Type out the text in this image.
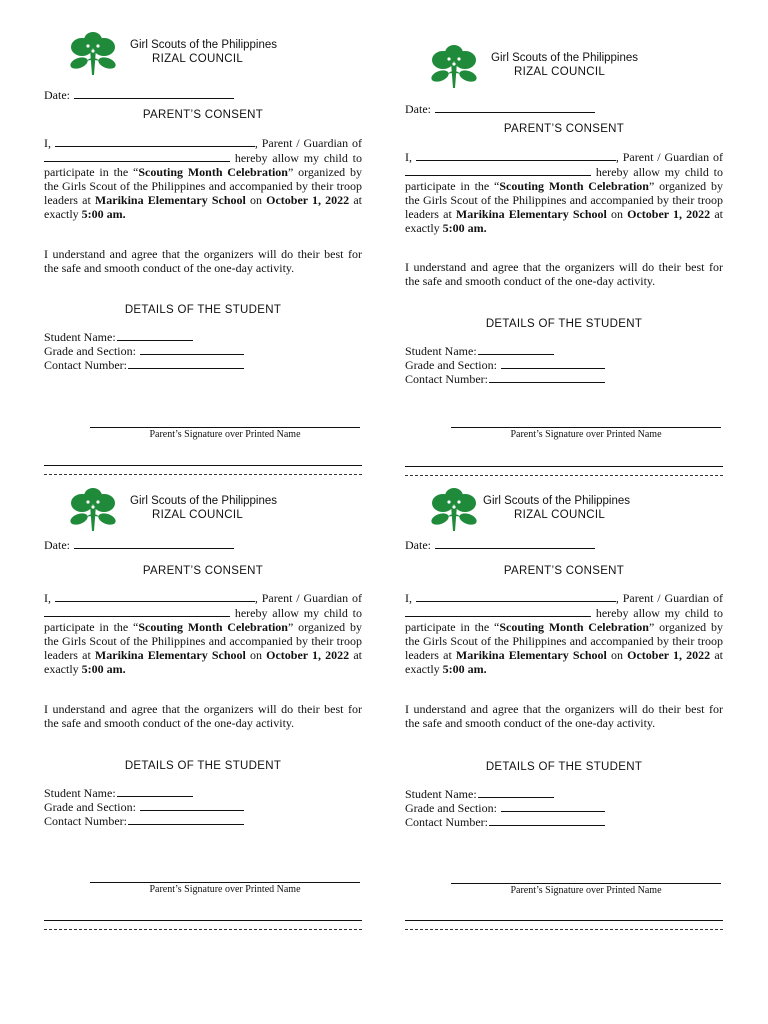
Girl Scouts of the Philippines
RIZAL COUNCIL
Date:
PARENT’S CONSENT
I,	, Parent / Guardian of  hereby allow my child to participate in the “Scouting Month Celebration” organized by the Girls Scout of the Philippines and accompanied by their troop leaders at Marikina Elementary School on October 1, 2022 at exactly 5:00 am.
I understand and agree that the organizers will do their best for the safe and smooth conduct of the one-day activity.
DETAILS OF THE STUDENT
Student Name:
Grade and Section:
Contact Number:
Parent’s Signature over Printed Name
Girl Scouts of the Philippines
RIZAL COUNCIL
Date:
PARENT’S CONSENT
I,	, Parent / Guardian of  hereby allow my child to participate in the “Scouting Month Celebration” organized by the Girls Scout of the Philippines and accompanied by their troop leaders at Marikina Elementary School on October 1, 2022 at exactly 5:00 am.
I understand and agree that the organizers will do their best for the safe and smooth conduct of the one-day activity.
DETAILS OF THE STUDENT
Student Name:
Grade and Section:
Contact Number:
Parent’s Signature over Printed Name
Girl Scouts of the Philippines
RIZAL COUNCIL
Date:
PARENT’S CONSENT
I,	, Parent / Guardian of  hereby allow my child to participate in the “Scouting Month Celebration” organized by the Girls Scout of the Philippines and accompanied by their troop leaders at Marikina Elementary School on October 1, 2022 at exactly 5:00 am.
I understand and agree that the organizers will do their best for the safe and smooth conduct of the one-day activity.
DETAILS OF THE STUDENT
Student Name:
Grade and Section:
Contact Number:
Parent’s Signature over Printed Name
Girl Scouts of the Philippines
RIZAL COUNCIL
Date:
PARENT’S CONSENT
I,	, Parent / Guardian of  hereby allow my child to participate in the “Scouting Month Celebration” organized by the Girls Scout of the Philippines and accompanied by their troop leaders at Marikina Elementary School on October 1, 2022 at exactly 5:00 am.
I understand and agree that the organizers will do their best for the safe and smooth conduct of the one-day activity.
DETAILS OF THE STUDENT
Student Name:
Grade and Section:
Contact Number:
Parent’s Signature over Printed Name
